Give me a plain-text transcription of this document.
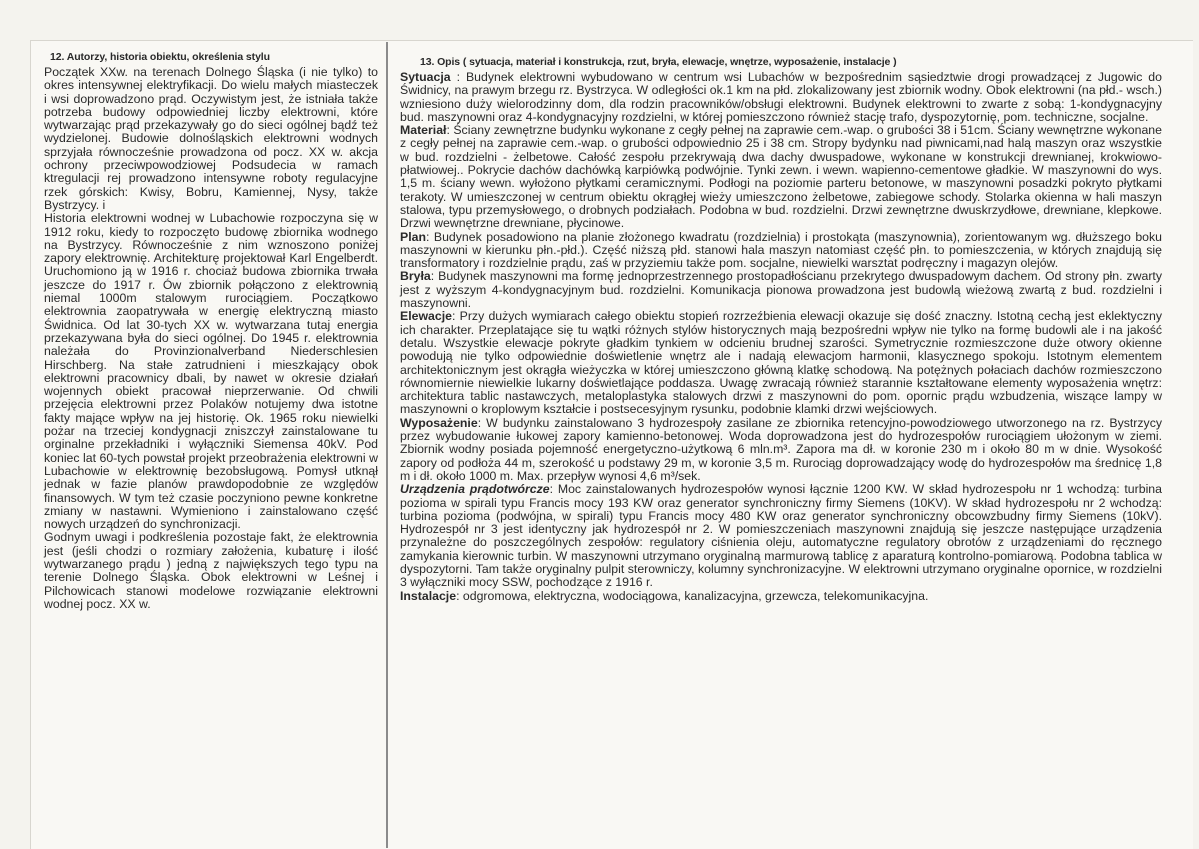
12. Autorzy, historia obiektu, określenia stylu

Początek XXw. na terenach Dolnego Śląska (i nie tylko) to okres intensywnej elektryfikacji. Do wielu małych miasteczek i wsi doprowadzono prąd. Oczywistym jest, że istniała także potrzeba budowy odpowiedniej liczby elektrowni, które wytwarzając prąd przekazywały go do sieci ogólnej bądź też wydzielonej. Budowie dolnośląskich elektrowni wodnych sprzyjała równocześnie prowadzona od pocz. XX w. akcja ochrony przeciwpowodziowej Podsudecia w ramach ktregulacji rej prowadzono intensywne roboty regulacyjne rzek górskich: Kwisy, Bobru, Kamiennej, Nysy, także Bystrzycy. i

Historia elektrowni wodnej w Lubachowie rozpoczyna się w 1912 roku, kiedy to rozpoczęto budowę zbiornika wodnego na Bystrzycy. Równocześnie z nim wznoszono poniżej zapory elektrownię. Architekturę projektował Karl Engelberdt. Uruchomiono ją w 1916 r. chociaż budowa zbiornika trwała jeszcze do 1917 r. Ów zbiornik połączono z elektrownią niemal 1000m stalowym rurociągiem. Początkowo elektrownia zaopatrywała w energię elektryczną miasto Świdnica. Od lat 30-tych XX w. wytwarzana tutaj energia przekazywana była do sieci ogólnej. Do 1945 r. elektrownia należała do Provinzionalverband Niederschlesien Hirschberg. Na stałe zatrudnieni i mieszkający obok elektrowni pracownicy dbali, by nawet w okresie działań wojennych obiekt pracował nieprzerwanie. Od chwili przejęcia elektrowni przez Polaków notujemy dwa istotne fakty mające wpływ na jej historię. Ok. 1965 roku niewielki pożar na trzeciej kondygnacji zniszczył zainstalowane tu orginalne przekładniki i wyłączniki Siemensa 40kV. Pod koniec lat 60-tych powstał projekt przeobrażenia elektrowni w Lubachowie w elektrownię bezobsługową. Pomysł utknął jednak w fazie planów prawdopodobnie ze względów finansowych. W tym też czasie poczyniono pewne konkretne zmiany w nastawni. Wymieniono i zainstalowano część nowych urządzeń do synchronizacji.

Godnym uwagi i podkreślenia pozostaje fakt, że elektrownia jest (jeśli chodzi o rozmiary założenia, kubaturę i ilość wytwarzanego prądu ) jedną z największych tego typu na terenie Dolnego Śląska. Obok elektrowni w Leśnej i Pilchowicach stanowi modelowe rozwiązanie elektrowni wodnej pocz. XX w.

13. Opis ( sytuacja, materiał i konstrukcja, rzut, bryła, elewacje, wnętrze, wyposażenie, instalacje )

Sytuacja : Budynek elektrowni wybudowano w centrum wsi Lubachów w bezpośrednim sąsiedztwie drogi prowadzącej z Jugowic do Świdnicy, na prawym brzegu rz. Bystrzyca. W odległości ok.1 km na płd. zlokalizowany jest zbiornik wodny. Obok elektrowni (na płd.- wsch.) wzniesiono duży wielorodzinny dom, dla rodzin pracowników/obsługi elektrowni. Budynek elektrowni to zwarte z sobą: 1-kondygnacyjny bud. maszynowni oraz 4-kondygnacyjny rozdzielni, w której pomieszczono również stację trafo, dyspozytornię, pom. techniczne, socjalne.

Materiał: Ściany zewnętrzne budynku wykonane z cegły pełnej na zaprawie cem.-wap. o grubości 38 i 51cm. Ściany wewnętrzne wykonane z cegły pełnej na zaprawie cem.-wap. o grubości odpowiednio 25 i 38 cm. Stropy bydynku nad piwnicami,nad halą maszyn oraz wszystkie w bud. rozdzielni - żelbetowe. Całość zespołu przekrywają dwa dachy dwuspadowe, wykonane w konstrukcji drewnianej, krokwiowo-płatwiowej.. Pokrycie dachów dachówką karpiówką podwójnie. Tynki zewn. i wewn. wapienno-cementowe gładkie. W maszynowni do wys. 1,5 m. ściany wewn. wyłożono płytkami ceramicznymi. Podłogi na poziomie parteru betonowe, w maszynowni posadzki pokryto płytkami terakoty. W umieszczonej w centrum obiektu okrągłej wieży umieszczono żelbetowe, zabiegowe schody. Stolarka okienna w hali maszyn stalowa, typu przemysłowego, o drobnych podziałach. Podobna w bud. rozdzielni. Drzwi zewnętrzne dwuskrzydłowe, drewniane, klepkowe. Drzwi wewnętrzne drewniane, płycinowe.

Plan: Budynek posadowiono na planie złożonego kwadratu (rozdzielnia) i prostokąta (maszynownia), zorientowanym wg. dłuższego boku maszynowni w kierunku płn.-płd.). Część niższą płd. stanowi hala maszyn natomiast część płn. to pomieszczenia, w których znajdują się transformatory i rozdzielnie prądu, zaś w przyziemiu także pom. socjalne, niewielki warsztat podręczny i magazyn olejów.

Bryła: Budynek maszynowni ma formę jednoprzestrzennego prostopadłościanu przekrytego dwuspadowym dachem. Od strony płn. zwarty jest z wyższym 4-kondygnacyjnym bud. rozdzielni. Komunikacja pionowa prowadzona jest budowlą wieżową zwartą z bud. rozdzielni i maszynowni.

Elewacje: Przy dużych wymiarach całego obiektu stopień rozrzeźbienia elewacji okazuje się dość znaczny. Istotną cechą jest eklektyczny ich charakter. Przeplatające się tu wątki różnych stylów historycznych mają bezpośredni wpływ nie tylko na formę budowli ale i na jakość detalu. Wszystkie elewacje pokryte gładkim tynkiem w odcieniu brudnej szarości. Symetrycznie rozmieszczone duże otwory okienne powodują nie tylko odpowiednie doświetlenie wnętrz ale i nadają elewacjom harmonii, klasycznego spokoju. Istotnym elementem architektonicznym jest okrągła wieżyczka w której umieszczono główną klatkę schodową. Na potężnych połaciach dachów rozmieszczono równomiernie niewielkie lukarny doświetlające poddasza. Uwagę zwracają również starannie kształtowane elementy wyposażenia wnętrz: architektura tablic nastawczych, metaloplastyka stalowych drzwi z maszynowni do pom. opornic prądu wzbudzenia, wiszące lampy w maszynowni o kroplowym kształcie i postsecesyjnym rysunku, podobnie klamki drzwi wejściowych.

Wyposażenie: W budynku zainstalowano 3 hydrozespoły zasilane ze zbiornika retencyjno-powodziowego utworzonego na rz. Bystrzycy przez wybudowanie łukowej zapory kamienno-betonowej. Woda doprowadzona jest do hydrozespołów rurociągiem ułożonym w ziemi. Zbiornik wodny posiada pojemność energetyczno-użytkową 6 mln.m³. Zapora ma dł. w koronie 230 m i około 80 m w dnie. Wysokość zapory od podłoża 44 m, szerokość u podstawy 29 m, w koronie 3,5 m. Rurociąg doprowadzający wodę do hydrozespołów ma średnicę 1,8 m i dł. około 1000 m. Max. przepływ wynosi 4,6 m³/sek.

Urządzenia prądotwórcze: Moc zainstalowanych hydrozespołów wynosi łącznie 1200 KW. W skład hydrozespołu nr 1 wchodzą: turbina pozioma w spirali typu Francis mocy 193 KW oraz generator synchroniczny firmy Siemens (10KV). W skład hydrozespołu nr 2 wchodzą: turbina pozioma (podwójna, w spirali) typu Francis mocy 480 KW oraz generator synchroniczny obcowzbudny firmy Siemens (10kV). Hydrozespół nr 3 jest identyczny jak hydrozespół nr 2. W pomieszczeniach maszynowni znajdują się jeszcze następujące urządzenia przynależne do poszczególnych zespołów: regulatory ciśnienia oleju, automatyczne regulatory obrotów z urządzeniami do ręcznego zamykania kierownic turbin. W maszynowni utrzymano oryginalną marmurową tablicę z aparaturą kontrolno-pomiarową. Podobna tablica w dyspozytorni. Tam także oryginalny pulpit sterowniczy, kolumny synchronizacyjne. W elektrowni utrzymano oryginalne opornice, w rozdzielni 3 wyłączniki mocy SSW, pochodzące z 1916 r.

Instalacje: odgromowa, elektryczna, wodociągowa, kanalizacyjna, grzewcza, telekomunikacyjna.
